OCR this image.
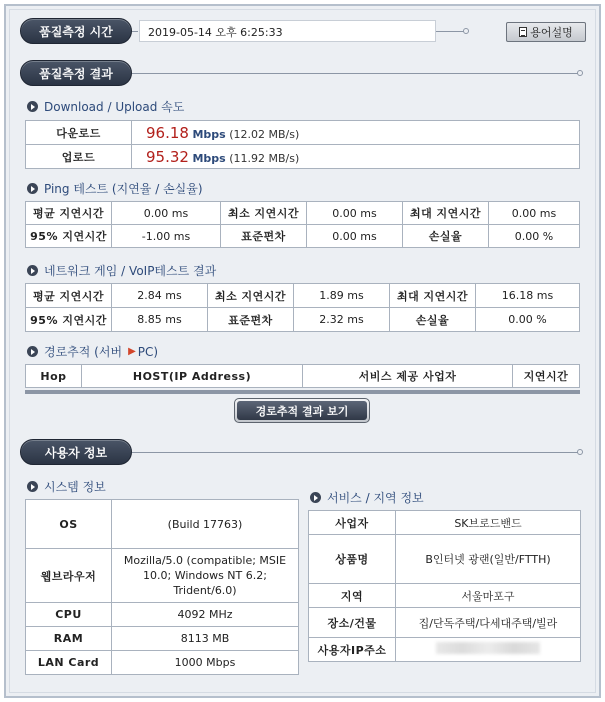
품질측정 시간	2019-05-14 오후 6:25:33	용어설명
품질측정 결과
Download / Upload 속도
다운로드	96.18 Mbps (12.02 MB/s)
업로드	95.32 Mbps (11.92 MB/s)
Ping 테스트 (지연율 / 손실율)
평균 지연시간	0.00 ms	최소 지연시간	0.00 ms	최대 지연시간	0.00 ms
95% 지연시간	-1.00 ms	표준편차	0.00 ms	손실율	0.00 %
네트워크 게임 / VoIP테스트 결과
평균 지연시간	2.84 ms	최소 지연시간	1.89 ms	최대 지연시간	16.18 ms
95% 지연시간	8.85 ms	표준편차	2.32 ms	손실율	0.00 %
경로추적 (서버 ▶ PC)
Hop	HOST(IP Address)	서비스 제공 사업자	지연시간
경로추적 결과 보기
사용자 정보
시스템 정보
OS	(Build 17763)
웹브라우저	Mozilla/5.0 (compatible; MSIE
10.0; Windows NT 6.2;
Trident/6.0)

CPU	4092 MHz
RAM	8113 MB
LAN Card	1000 Mbps
서비스 / 지역 정보
사업자	SK브로드밴드
상품명	B인터넷 광랜(일반/FTTH)
지역	서울마포구
장소/건물	집/단독주택/다세대주택/빌라
사용자IP주소	
